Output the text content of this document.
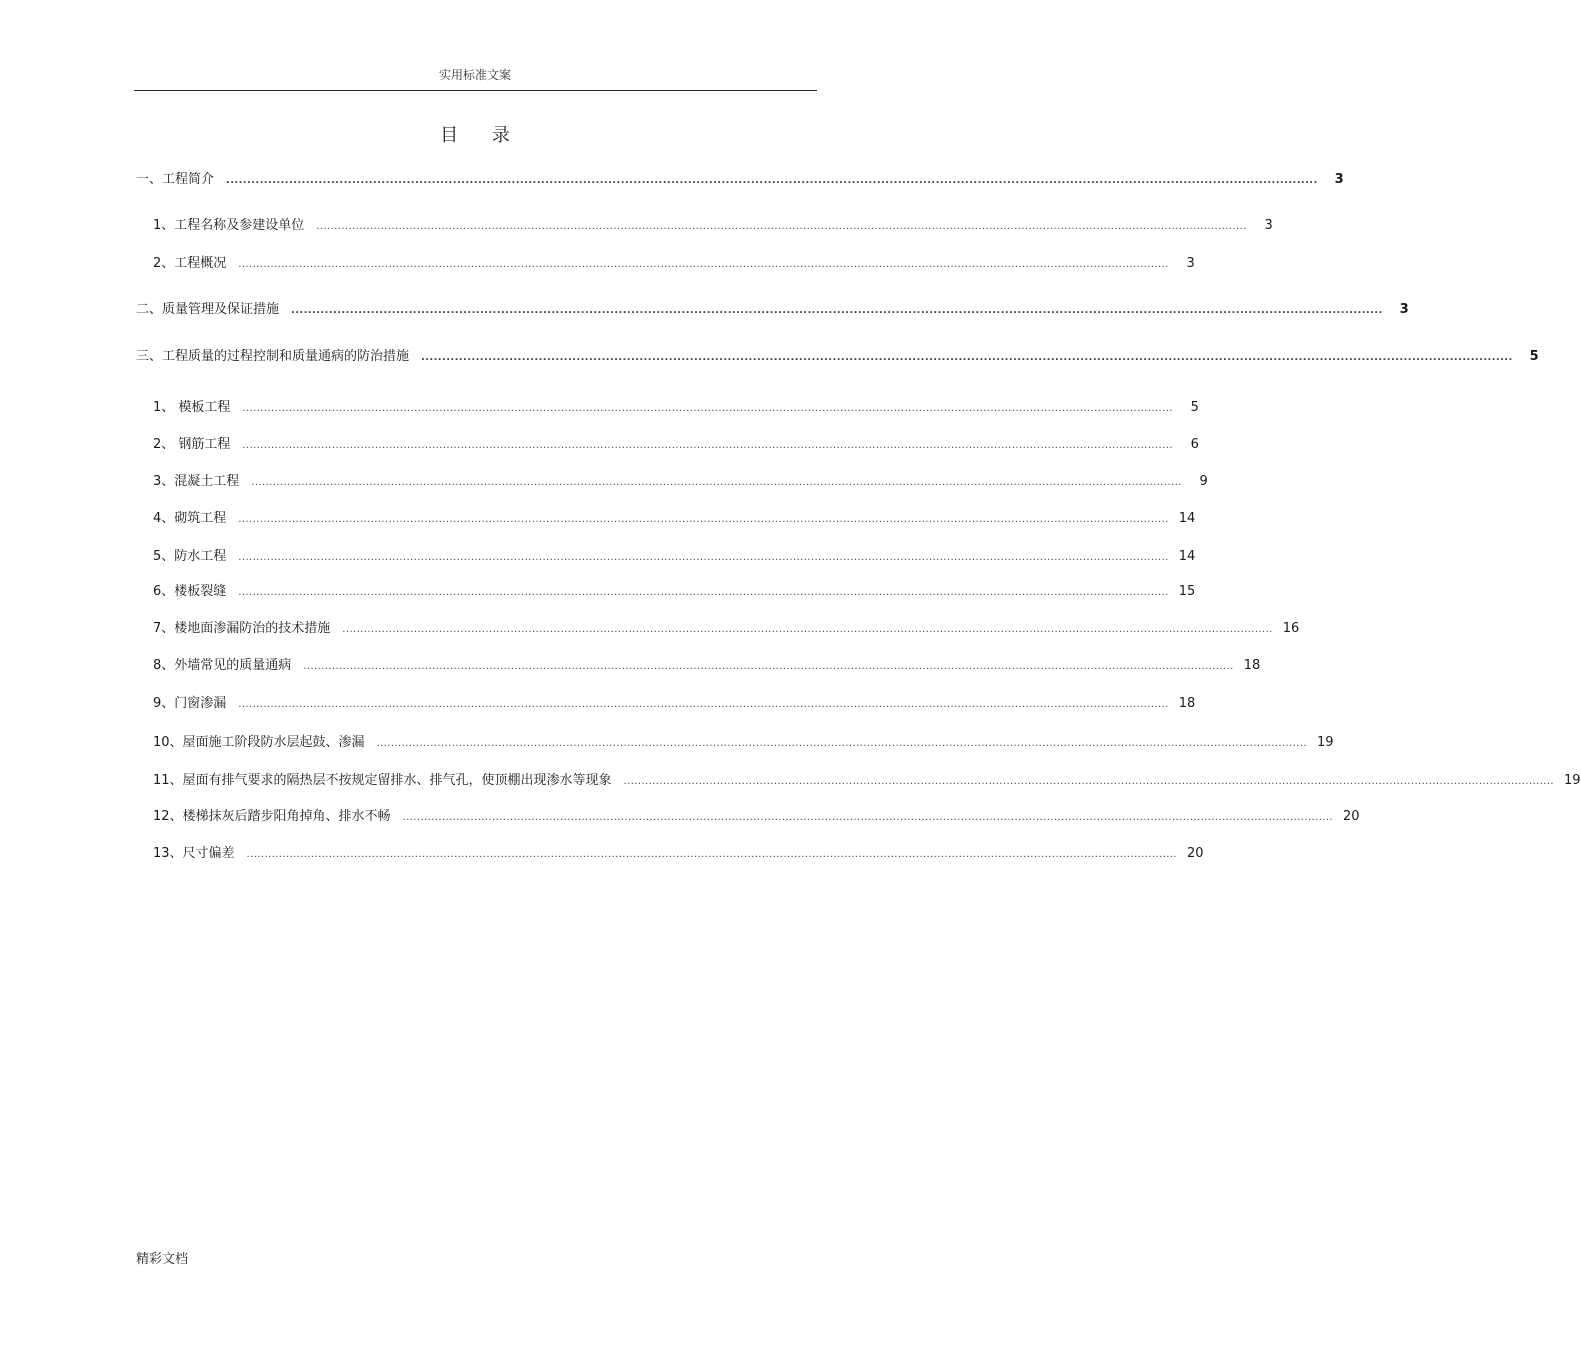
实用标准文案
目 录
一、工程简介 ....................................................................................................................................................................................................................................................................	3
1、工程名称及参建设单位 ....................................................................................................................................................................................................................................................................	3
2、工程概况 ....................................................................................................................................................................................................................................................................	3
二、质量管理及保证措施 ....................................................................................................................................................................................................................................................................	3
三、工程质量的过程控制和质量通病的防治措施 ....................................................................................................................................................................................................................................................................	5
1、 模板工程 ....................................................................................................................................................................................................................................................................	5
2、 钢筋工程 ....................................................................................................................................................................................................................................................................	6
3、混凝土工程 ....................................................................................................................................................................................................................................................................	9
4、砌筑工程 .................................................................................................................................................................................................................................................................... 14
5、防水工程 .................................................................................................................................................................................................................................................................... 14
6、楼板裂缝 .................................................................................................................................................................................................................................................................... 15
7、楼地面渗漏防治的技术措施 .................................................................................................................................................................................................................................................................... 16
8、外墙常见的质量通病 .................................................................................................................................................................................................................................................................... 18
9、门窗渗漏 .................................................................................................................................................................................................................................................................... 18
10、屋面施工阶段防水层起鼓、渗漏 .................................................................................................................................................................................................................................................................... 19
11、屋面有排气要求的隔热层不按规定留排水、排气孔，使顶棚出现渗水等现象 .................................................................................................................................................................................................................................................................... 19
12、楼梯抹灰后踏步阳角掉角、排水不畅 .................................................................................................................................................................................................................................................................... 20
13、尺寸偏差 .................................................................................................................................................................................................................................................................... 20
精彩文档
